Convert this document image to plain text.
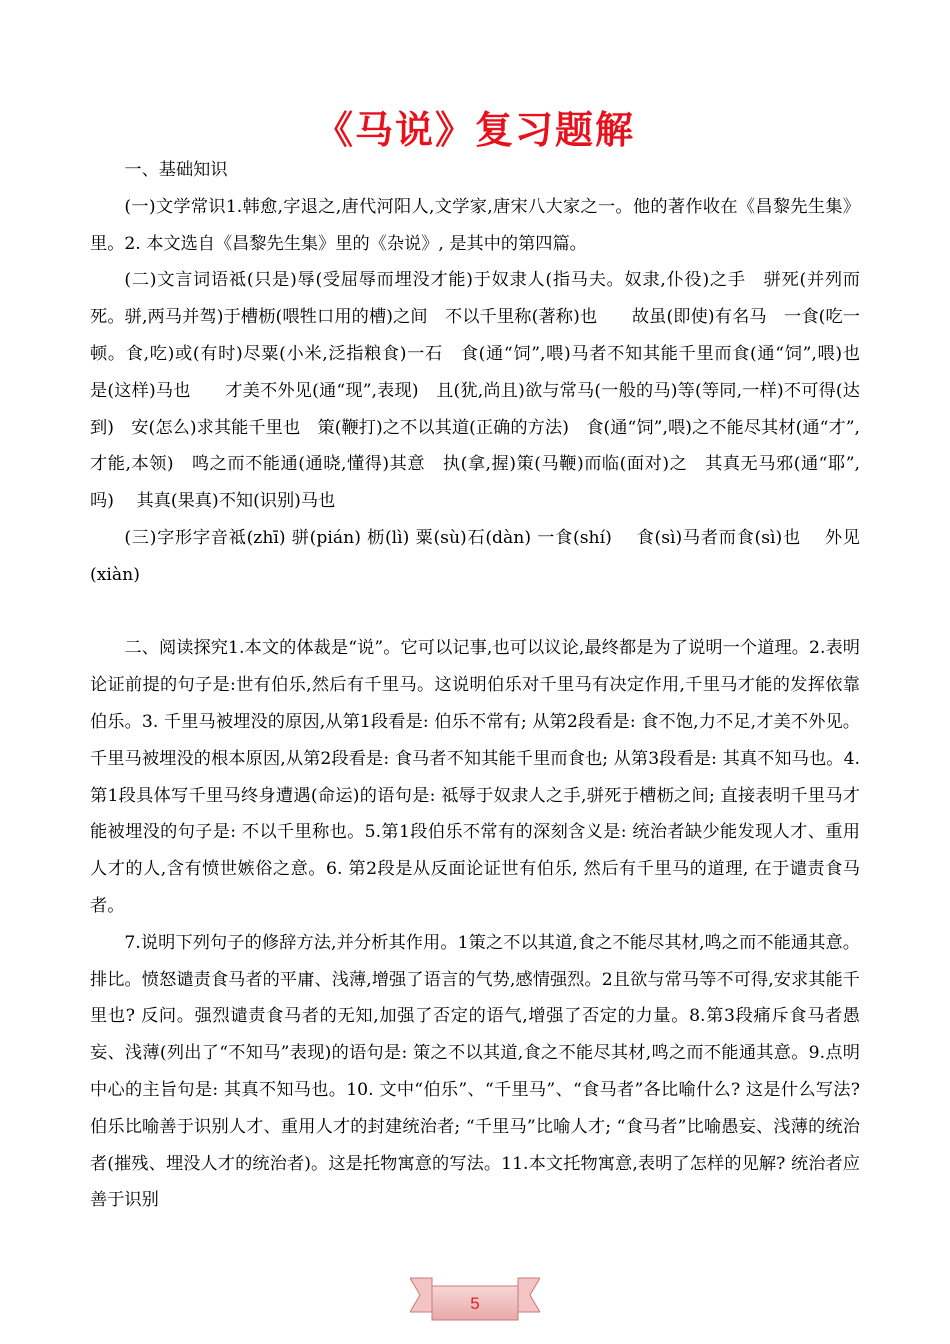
《马说》复习题解

一、基础知识

(一)文学常识1.韩愈,字退之,唐代河阳人,文学家,唐宋八大家之一。他的著作收在《昌黎先生集》里。2. 本文选自《昌黎先生集》里的《杂说》, 是其中的第四篇。

(二)文言词语祗(只是)辱(受屈辱而埋没才能)于奴隶人(指马夫。奴隶,仆役)之手　骈死(并列而死。骈,两马并驾)于槽枥(喂牲口用的槽)之间　不以千里称(著称)也　　故虽(即使)有名马　一食(吃一顿。食,吃)或(有时)尽粟(小米,泛指粮食)一石　食(通“饲”,喂)马者不知其能千里而食(通“饲”,喂)也　　是(这样)马也　　才美不外见(通“现”,表现)　且(犹,尚且)欲与常马(一般的马)等(等同,一样)不可得(达到)　安(怎么)求其能千里也　策(鞭打)之不以其道(正确的方法)　食(通“饲”,喂)之不能尽其材(通“才”,才能,本领)　鸣之而不能通(通晓,懂得)其意　执(拿,握)策(马鞭)而临(面对)之　其真无马邪(通“耶”, 吗)　 其真(果真)不知(识别)马也

(三)字形字音祗(zhī) 骈(pián) 枥(lì) 粟(sù)石(dàn) 一食(shí)　 食(sì)马者而食(sì)也　 外见 (xiàn)

二、阅读探究1.本文的体裁是“说”。它可以记事,也可以议论,最终都是为了说明一个道理。2.表明论证前提的句子是:世有伯乐,然后有千里马。这说明伯乐对千里马有决定作用,千里马才能的发挥依靠伯乐。3. 千里马被埋没的原因,从第1段看是: 伯乐不常有; 从第2段看是: 食不饱,力不足,才美不外见。千里马被埋没的根本原因,从第2段看是: 食马者不知其能千里而食也; 从第3段看是: 其真不知马也。4.第1段具体写千里马终身遭遇(命运)的语句是: 祗辱于奴隶人之手,骈死于槽枥之间; 直接表明千里马才能被埋没的句子是: 不以千里称也。5.第1段伯乐不常有的深刻含义是: 统治者缺少能发现人才、重用人才的人,含有愤世嫉俗之意。6. 第2段是从反面论证世有伯乐, 然后有千里马的道理, 在于谴责食马者。

7.说明下列句子的修辞方法,并分析其作用。1策之不以其道,食之不能尽其材,鸣之而不能通其意。排比。愤怒谴责食马者的平庸、浅薄,增强了语言的气势,感情强烈。2且欲与常马等不可得,安求其能千里也? 反问。强烈谴责食马者的无知,加强了否定的语气,增强了否定的力量。8.第3段痛斥食马者愚妄、浅薄(列出了“不知马”表现)的语句是: 策之不以其道,食之不能尽其材,鸣之而不能通其意。9.点明中心的主旨句是: 其真不知马也。10. 文中“伯乐”、“千里马”、“食马者”各比喻什么? 这是什么写法? 伯乐比喻善于识别人才、重用人才的封建统治者; “千里马”比喻人才; “食马者”比喻愚妄、浅薄的统治者(摧残、埋没人才的统治者)。这是托物寓意的写法。11.本文托物寓意,表明了怎样的见解? 统治者应善于识别

5
